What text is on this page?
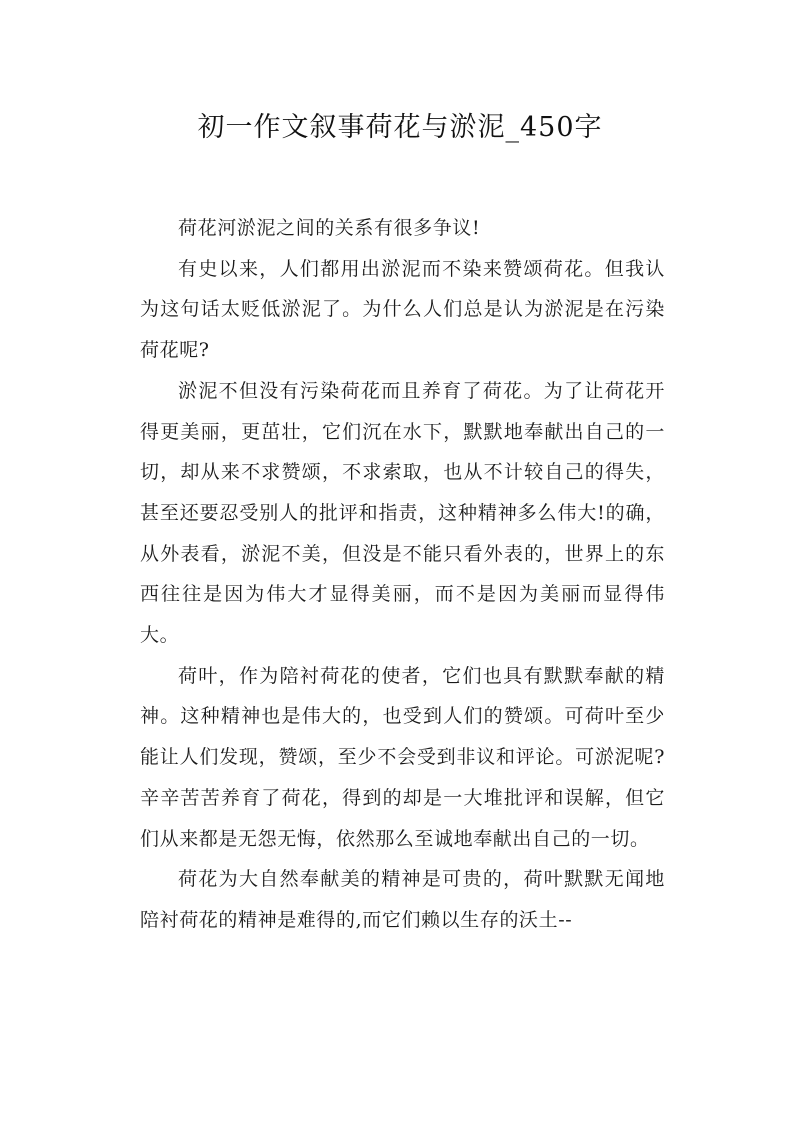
初一作文叙事荷花与淤泥_450字

荷花河淤泥之间的关系有很多争议!

有史以来，人们都用出淤泥而不染来赞颂荷花。但我认为这句话太贬低淤泥了。为什么人们总是认为淤泥是在污染荷花呢?

淤泥不但没有污染荷花而且养育了荷花。为了让荷花开得更美丽，更茁壮，它们沉在水下，默默地奉献出自己的一切，却从来不求赞颂，不求索取，也从不计较自己的得失，甚至还要忍受别人的批评和指责，这种精神多么伟大!的确，从外表看，淤泥不美，但没是不能只看外表的，世界上的东西往往是因为伟大才显得美丽，而不是因为美丽而显得伟大。

荷叶，作为陪衬荷花的使者，它们也具有默默奉献的精神。这种精神也是伟大的，也受到人们的赞颂。可荷叶至少能让人们发现，赞颂，至少不会受到非议和评论。可淤泥呢?辛辛苦苦养育了荷花，得到的却是一大堆批评和误解，但它们从来都是无怨无悔，依然那么至诚地奉献出自己的一切。

荷花为大自然奉献美的精神是可贵的，荷叶默默无闻地陪衬荷花的精神是难得的,而它们赖以生存的沃土--
